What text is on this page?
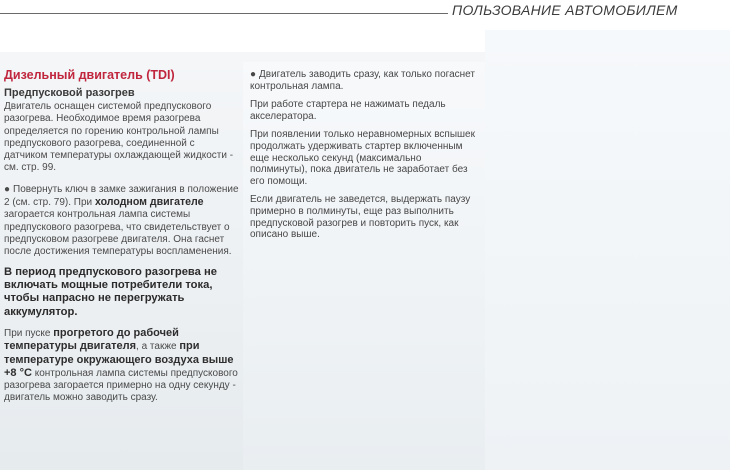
ПОЛЬЗОВАНИЕ АВТОМОБИЛЕМ
Дизельный двигатель (TDI)
Предпусковой разогрев
Двигатель оснащен системой предпускового разогрева. Необходимое время разогрева определяется по горению контрольной лампы предпускового разогрева, соединенной с датчиком температуры охлаждающей жидкости - см. стр. 99.
● Повернуть ключ в замке зажигания в положение 2 (см. стр. 79). При холодном двигателе загорается контрольная лампа системы предпускового разогрева, что свидетельствует о предпусковом разогреве двигателя. Она гаснет после достижения температуры воспламенения.
В период предпускового разогрева не включать мощные потребители тока, чтобы напрасно не перегружать аккумулятор.
При пуске прогретого до рабочей температуры двигателя, а также при температуре окружающего воздуха выше +8 °C контрольная лампа системы предпускового разогрева загорается примерно на одну секунду - двигатель можно заводить сразу.
● Двигатель заводить сразу, как только погаснет контрольная лампа.
При работе стартера не нажимать педаль акселератора.
При появлении только неравномерных вспышек продолжать удерживать стартер включенным еще несколько секунд (максимально полминуты), пока двигатель не заработает без его помощи.
Если двигатель не заведется, выдержать паузу примерно в полминуты, еще раз выполнить предпусковой разогрев и повторить пуск, как описано выше.
